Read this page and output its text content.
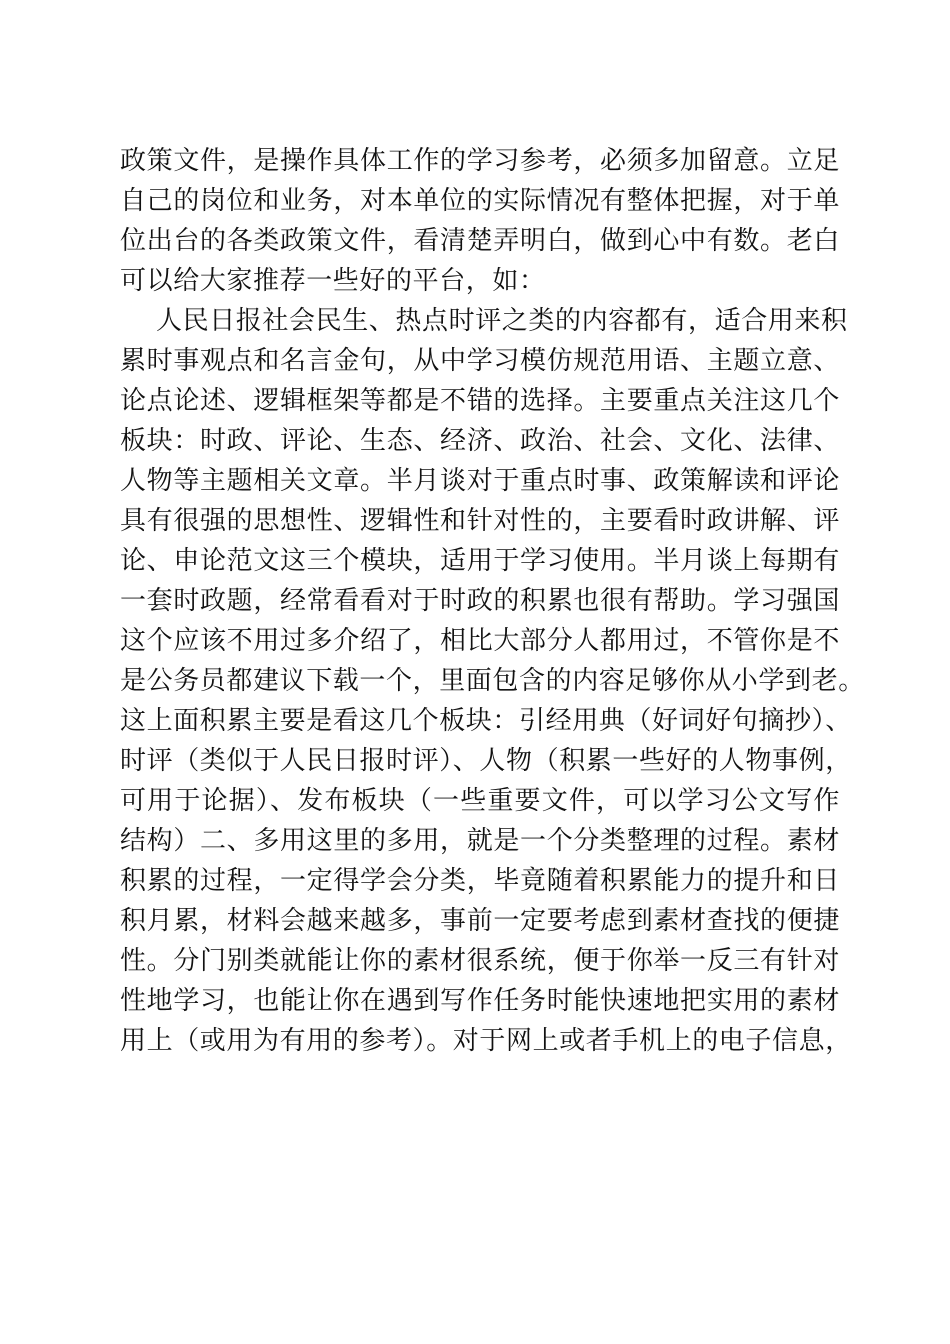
政策文件，是操作具体工作的学习参考，必须多加留意。立足
自己的岗位和业务，对本单位的实际情况有整体把握，对于单
位出台的各类政策文件，看清楚弄明白，做到心中有数。老白
可以给大家推荐一些好的平台，如：
人民日报社会民生、热点时评之类的内容都有，适合用来积
累时事观点和名言金句，从中学习模仿规范用语、主题立意、
论点论述、逻辑框架等都是不错的选择。主要重点关注这几个
板块：时政、评论、生态、经济、政治、社会、文化、法律、
人物等主题相关文章。半月谈对于重点时事、政策解读和评论
具有很强的思想性、逻辑性和针对性的，主要看时政讲解、评
论、申论范文这三个模块，适用于学习使用。半月谈上每期有
一套时政题，经常看看对于时政的积累也很有帮助。学习强国
这个应该不用过多介绍了，相比大部分人都用过，不管你是不
是公务员都建议下载一个，里面包含的内容足够你从小学到老。
这上面积累主要是看这几个板块：引经用典（好词好句摘抄）、
时评（类似于人民日报时评）、人物（积累一些好的人物事例，
可用于论据）、发布板块（一些重要文件，可以学习公文写作
结构）二、多用这里的多用，就是一个分类整理的过程。素材
积累的过程，一定得学会分类，毕竟随着积累能力的提升和日
积月累，材料会越来越多，事前一定要考虑到素材查找的便捷
性。分门别类就能让你的素材很系统，便于你举一反三有针对
性地学习，也能让你在遇到写作任务时能快速地把实用的素材
用上（或用为有用的参考）。对于网上或者手机上的电子信息，
